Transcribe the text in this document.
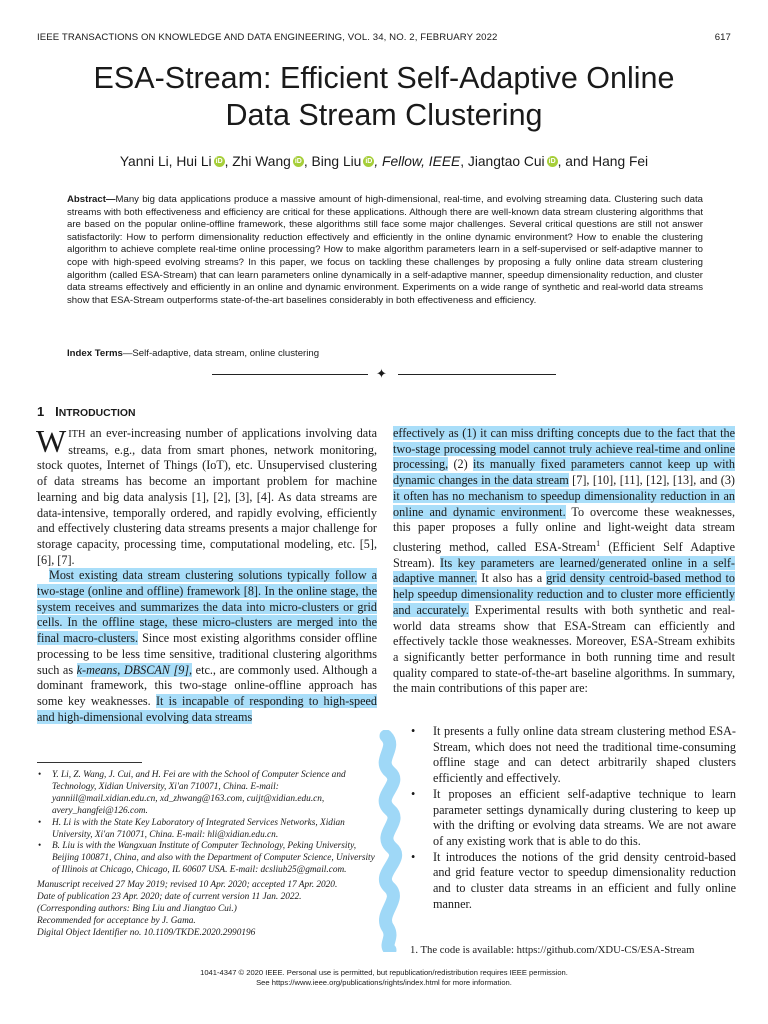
IEEE TRANSACTIONS ON KNOWLEDGE AND DATA ENGINEERING, VOL. 34, NO. 2, FEBRUARY 2022	617
ESA-Stream: Efficient Self-Adaptive Online
Data Stream Clustering
Yanni Li, Hui Li iD , Zhi Wang iD , Bing Liu iD , Fellow, IEEE, Jiangtao Cui iD , and Hang Fei
Abstract—Many big data applications produce a massive amount of high-dimensional, real-time, and evolving streaming data. Clustering such data streams with both effectiveness and efficiency are critical for these applications. Although there are well-known data stream clustering algorithms that are based on the popular online-offline framework, these algorithms still face some major challenges. Several critical questions are still not answer satisfactorily: How to perform dimensionality reduction effectively and efficiently in the online dynamic environment? How to enable the clustering algorithm to achieve complete real-time online processing? How to make algorithm parameters learn in a self-supervised or self-adaptive manner to cope with high-speed evolving streams? In this paper, we focus on tackling these challenges by proposing a fully online data stream clustering algorithm (called ESA-Stream) that can learn parameters online dynamically in a self-adaptive manner, speedup dimensionality reduction, and cluster data streams effectively and efficiently in an online and dynamic environment. Experiments on a wide range of synthetic and real-world data streams show that ESA-Stream outperforms state-of-the-art baselines considerably in both effectiveness and efficiency.
Index Terms—Self-adaptive, data stream, online clustering
✦
1 INTRODUCTION

WITH an ever-increasing number of applications involving data streams, e.g., data from smart phones, network monitoring, stock quotes, Internet of Things (IoT), etc. Unsupervised clustering of data streams has become an important problem for machine learning and big data analysis [1], [2], [3], [4]. As data streams are data-intensive, temporally ordered, and rapidly evolving, efficiently and effectively clustering data streams presents a major challenge for storage capacity, processing time, computational modeling, etc. [5], [6], [7].

Most existing data stream clustering solutions typically follow a two-stage (online and offline) framework [8]. In the online stage, the system receives and summarizes the data into micro-clusters or grid cells. In the offline stage, these micro-clusters are merged into the final macro-clusters. Since most existing algorithms consider offline processing to be less time sensitive, traditional clustering algorithms such as k-means, DBSCAN [9], etc., are commonly used. Although a dominant framework, this two-stage online-offline approach has some key weaknesses. It is incapable of responding to high-speed and high-dimensional evolving data streams

• Y. Li, Z. Wang, J. Cui, and H. Fei are with the School of Computer Science and Technology, Xidian University, Xi'an 710071, China. E-mail: yanniil@mail.xidian.edu.cn, xd_zhwang@163.com, cuijt@xidian.edu.cn, avery_hangfei@126.com.
• H. Li is with the State Key Laboratory of Integrated Services Networks, Xidian University, Xi'an 710071, China. E-mail: hli@xidian.edu.cn.
• B. Liu is with the Wangxuan Institute of Computer Technology, Peking University, Beijing 100871, China, and also with the Department of Computer Science, University of Illinois at Chicago, Chicago, IL 60607 USA. E-mail: dcsliub25@gmail.com.
Manuscript received 27 May 2019; revised 10 Apr. 2020; accepted 17 Apr. 2020.
Date of publication 23 Apr. 2020; date of current version 11 Jan. 2022.
(Corresponding authors: Bing Liu and Jiangtao Cui.)
Recommended for acceptance by J. Gama.
Digital Object Identifier no. 10.1109/TKDE.2020.2990196

effectively as (1) it can miss drifting concepts due to the fact that the two-stage processing model cannot truly achieve real-time and online processing, (2) its manually fixed parameters cannot keep up with dynamic changes in the data stream [7], [10], [11], [12], [13], and (3) it often has no mechanism to speedup dimensionality reduction in an online and dynamic environment. To overcome these weaknesses, this paper proposes a fully online and light-weight data stream clustering method, called ESA-Stream$^1$ (Efficient Self Adaptive Stream). Its key parameters are learned/generated online in a self-adaptive manner. It also has a grid density centroid-based method to help speedup dimensionality reduction and to cluster more efficiently and accurately. Experimental results with both synthetic and real-world data streams show that ESA-Stream can efficiently and effectively tackle those weaknesses. Moreover, ESA-Stream exhibits a significantly better performance in both running time and result quality compared to state-of-the-art baseline algorithms. In summary, the main contributions of this paper are:

• It presents a fully online data stream clustering method ESA-Stream, which does not need the traditional time-consuming offline stage and can detect arbitrarily shaped clusters efficiently and effectively.
• It proposes an efficient self-adaptive technique to learn parameter settings dynamically during clustering to keep up with the drifting or evolving data streams. We are not aware of any existing work that is able to do this.
• It introduces the notions of the grid density centroid-based and grid feature vector to speedup dimensionality reduction and to cluster data streams in an efficient and fully online manner.
1. The code is available: https://github.com/XDU-CS/ESA-Stream
1041-4347 © 2020 IEEE. Personal use is permitted, but republication/redistribution requires IEEE permission.
See https://www.ieee.org/publications/rights/index.html for more information.
